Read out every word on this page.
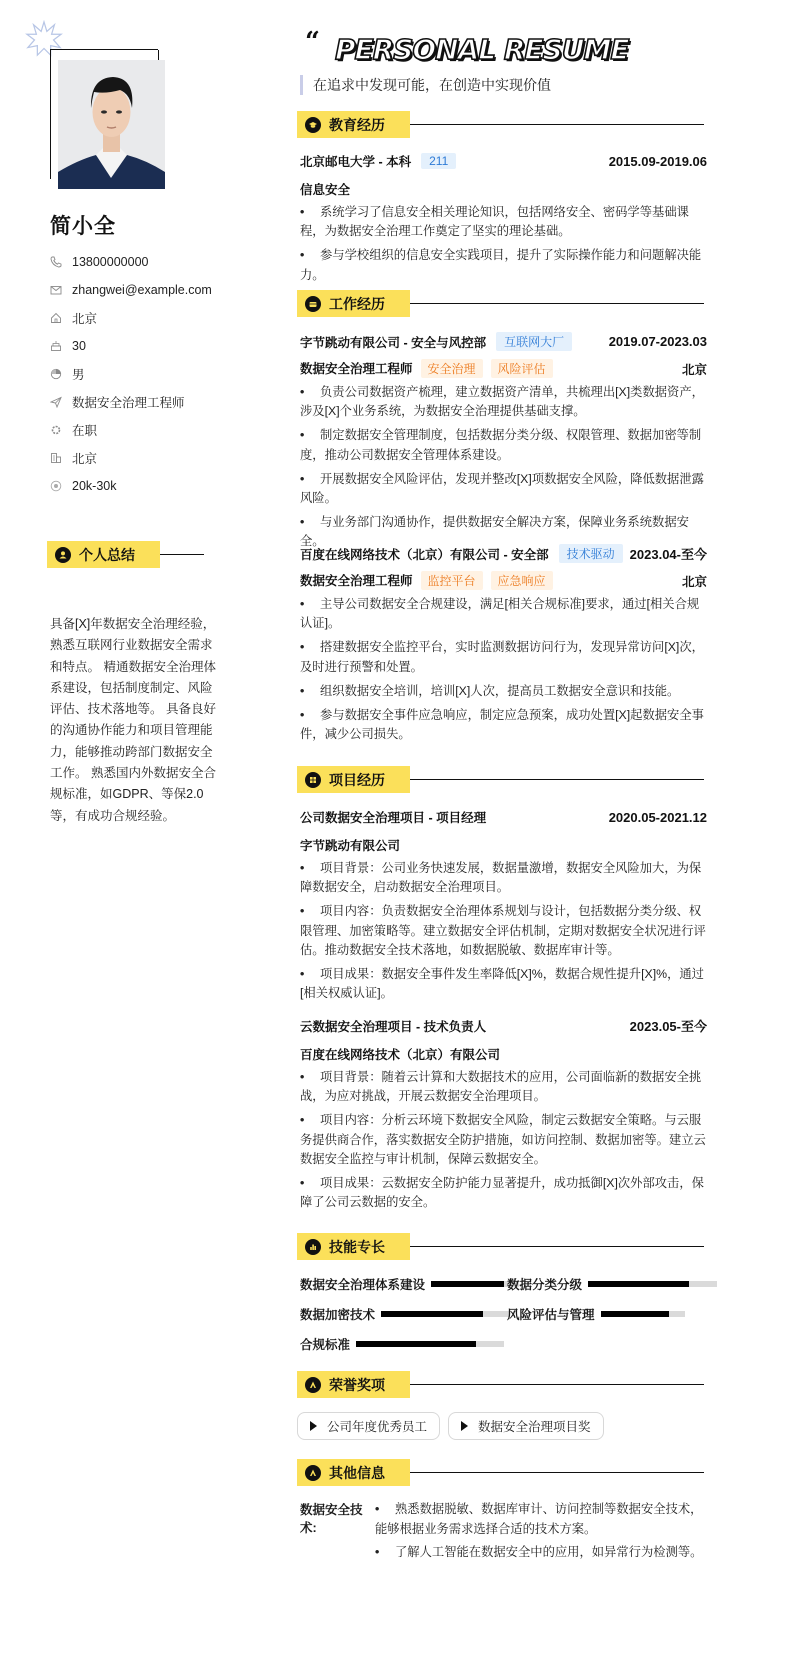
简小全
13800000000
zhangwei@example.com
北京
30
男
数据安全治理工程师
在职
北京
20k-30k
个人总结
具备[X]年数据安全治理经验，熟悉互联网行业数据安全需求和特点。 精通数据安全治理体系建设，包括制度制定、风险评估、技术落地等。 具备良好的沟通协作能力和项目管理能力，能够推动跨部门数据安全工作。 熟悉国内外数据安全合规标准，如GDPR、等保2.0等，有成功合规经验。
“ PERSONAL RESUME
在追求中发现可能，在创造中实现价值
教育经历
北京邮电大学 - 本科	211	2015.09-2019.06
信息安全
• 系统学习了信息安全相关理论知识，包括网络安全、密码学等基础课程，为数据安全治理工作奠定了坚实的理论基础。
• 参与学校组织的信息安全实践项目，提升了实际操作能力和问题解决能力。
工作经历
字节跳动有限公司 - 安全与风控部	互联网大厂	2019.07-2023.03
数据安全治理工程师 安全治理 风险评估	北京
• 负责公司数据资产梳理，建立数据资产清单，共梳理出[X]类数据资产，涉及[X]个业务系统，为数据安全治理提供基础支撑。
• 制定数据安全管理制度，包括数据分类分级、权限管理、数据加密等制度，推动公司数据安全管理体系建设。
• 开展数据安全风险评估，发现并整改[X]项数据安全风险，降低数据泄露风险。
• 与业务部门沟通协作，提供数据安全解决方案，保障业务系统数据安全。
百度在线网络技术（北京）有限公司 - 安全部	技术驱动	2023.04-至今
数据安全治理工程师 监控平台 应急响应	北京
• 主导公司数据安全合规建设，满足[相关合规标准]要求，通过[相关合规认证]。
• 搭建数据安全监控平台，实时监测数据访问行为，发现异常访问[X]次，及时进行预警和处置。
• 组织数据安全培训，培训[X]人次，提高员工数据安全意识和技能。
• 参与数据安全事件应急响应，制定应急预案，成功处置[X]起数据安全事件，减少公司损失。
项目经历
公司数据安全治理项目 - 项目经理	2020.05-2021.12
字节跳动有限公司
• 项目背景：公司业务快速发展，数据量激增，数据安全风险加大，为保障数据安全，启动数据安全治理项目。
• 项目内容：负责数据安全治理体系规划与设计，包括数据分类分级、权限管理、加密策略等。建立数据安全评估机制，定期对数据安全状况进行评估。推动数据安全技术落地，如数据脱敏、数据库审计等。
• 项目成果：数据安全事件发生率降低[X]%，数据合规性提升[X]%，通过[相关权威认证]。
云数据安全治理项目 - 技术负责人	2023.05-至今
百度在线网络技术（北京）有限公司
• 项目背景：随着云计算和大数据技术的应用，公司面临新的数据安全挑战，为应对挑战，开展云数据安全治理项目。
• 项目内容：分析云环境下数据安全风险，制定云数据安全策略。与云服务提供商合作，落实数据安全防护措施，如访问控制、数据加密等。建立云数据安全监控与审计机制，保障云数据安全。
• 项目成果：云数据安全防护能力显著提升，成功抵御[X]次外部攻击，保障了公司云数据的安全。
技能专长
数据安全治理体系建设	数据分类分级
数据加密技术	风险评估与管理
合规标准
荣誉奖项
公司年度优秀员工	数据安全治理项目奖
其他信息
数据安全技术:
• 熟悉数据脱敏、数据库审计、访问控制等数据安全技术，能够根据业务需求选择合适的技术方案。
• 了解人工智能在数据安全中的应用，如异常行为检测等。
